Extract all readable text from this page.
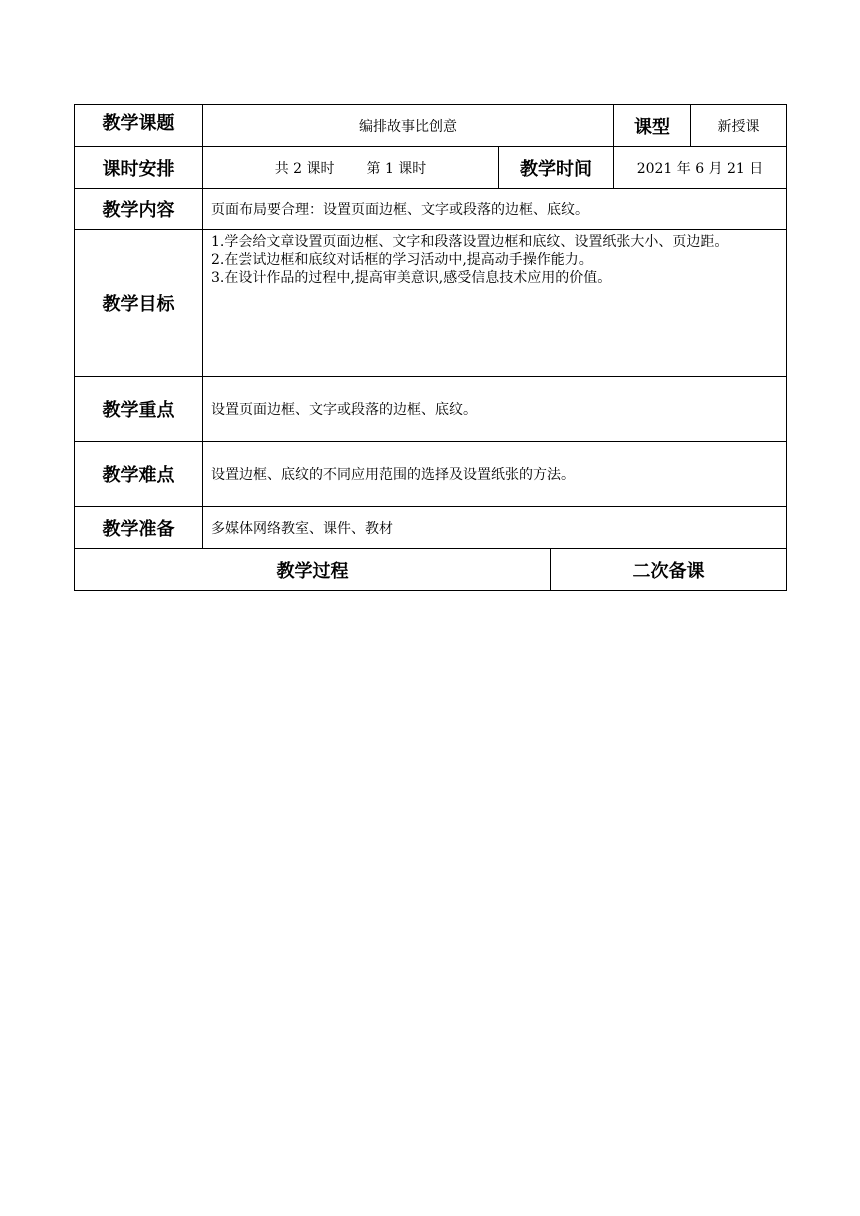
教学课题	编排故事比创意			课型	新授课
课时安排	共 2 课时 第 1 课时	教学时间		2021 年 6 月 21 日	
教学内容	页面布局要合理：设置页面边框、文字或段落的边框、底纹。				
教学目标	1.学会给文章设置页面边框、文字和段落设置边框和底纹、设置纸张大小、页边距。
2.在尝试边框和底纹对话框的学习活动中,提高动手操作能力。
3.在设计作品的过程中,提高审美意识,感受信息技术应用的价值。				

教学重点	设置页面边框、文字或段落的边框、底纹。				
教学难点	设置边框、底纹的不同应用范围的选择及设置纸张的方法。				
教学准备	多媒体网络教室、课件、教材				
教学过程			二次备课		
